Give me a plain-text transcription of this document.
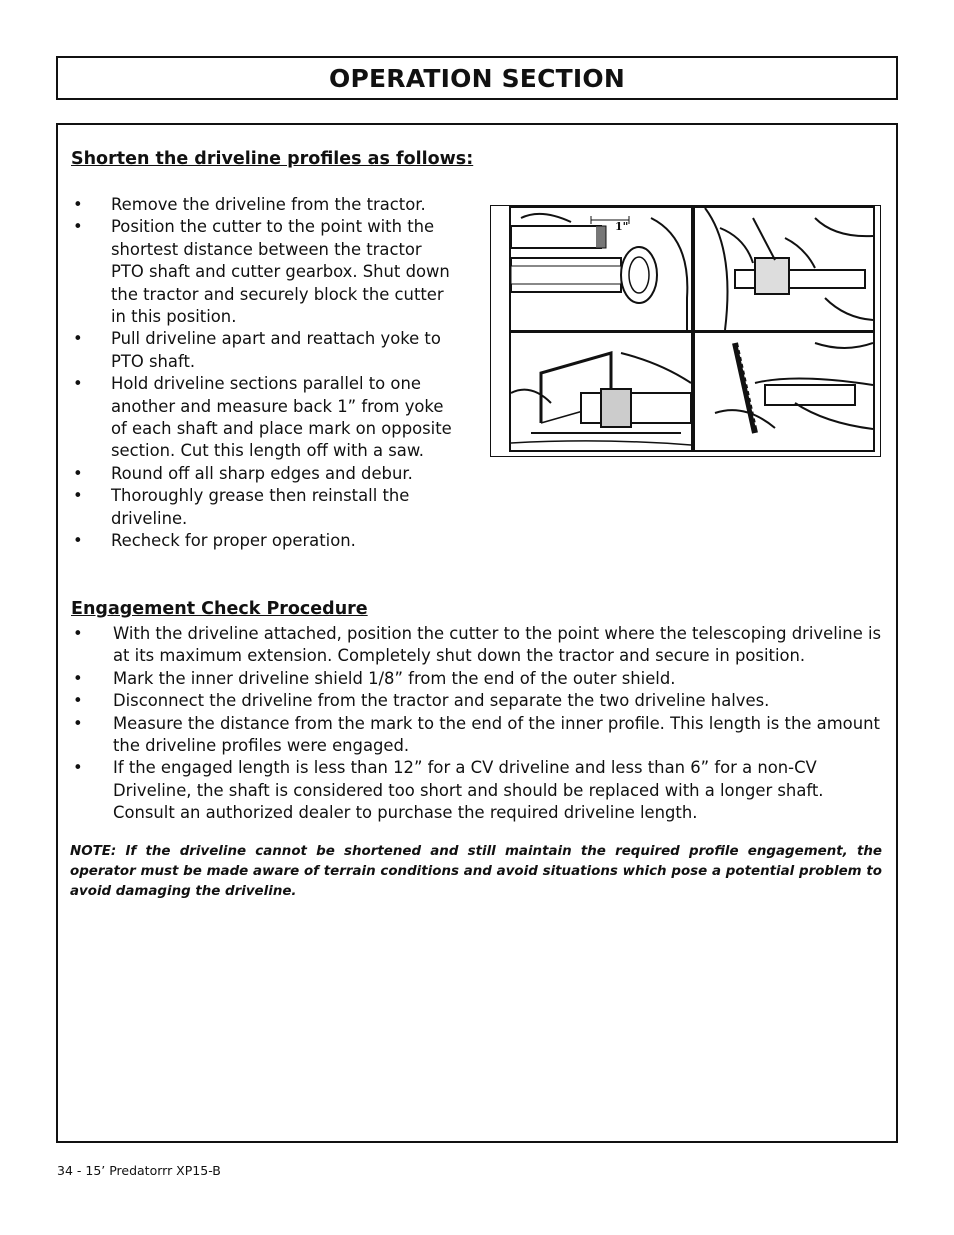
OPERATION SECTION
Shorten the driveline profiles as follows:
• Remove the driveline from the tractor.
• Position the cutter to the point with the shortest distance between the tractor PTO shaft and cutter gearbox. Shut down the tractor and securely block the cutter in this position.
• Pull driveline apart and reattach yoke to PTO shaft.
• Hold driveline sections parallel to one another and measure back 1” from yoke of each shaft and place mark on opposite section. Cut this length off with a saw.
• Round off all sharp edges and debur.
• Thoroughly grease then reinstall the driveline.
• Recheck for proper operation.
1"
Engagement Check Procedure
• With the driveline attached, position the cutter to the point where the telescoping driveline is at its maximum extension. Completely shut down the tractor and secure in position.
• Mark the inner driveline shield 1/8” from the end of the outer shield.
• Disconnect the driveline from the tractor and separate the two driveline halves.
• Measure the distance from the mark to the end of the inner profile. This length is the amount the driveline profiles were engaged.
• If the engaged length is less than 12” for a CV driveline and less than 6” for a non-CV Driveline, the shaft is considered too short and should be replaced with a longer shaft. Consult an authorized dealer to purchase the required driveline length.
NOTE: If the driveline cannot be shortened and still maintain the required profile engagement, the operator must be made aware of terrain conditions and avoid situations which pose a potential problem to avoid damaging the driveline.
34 - 15’ Predatorrr XP15-B
